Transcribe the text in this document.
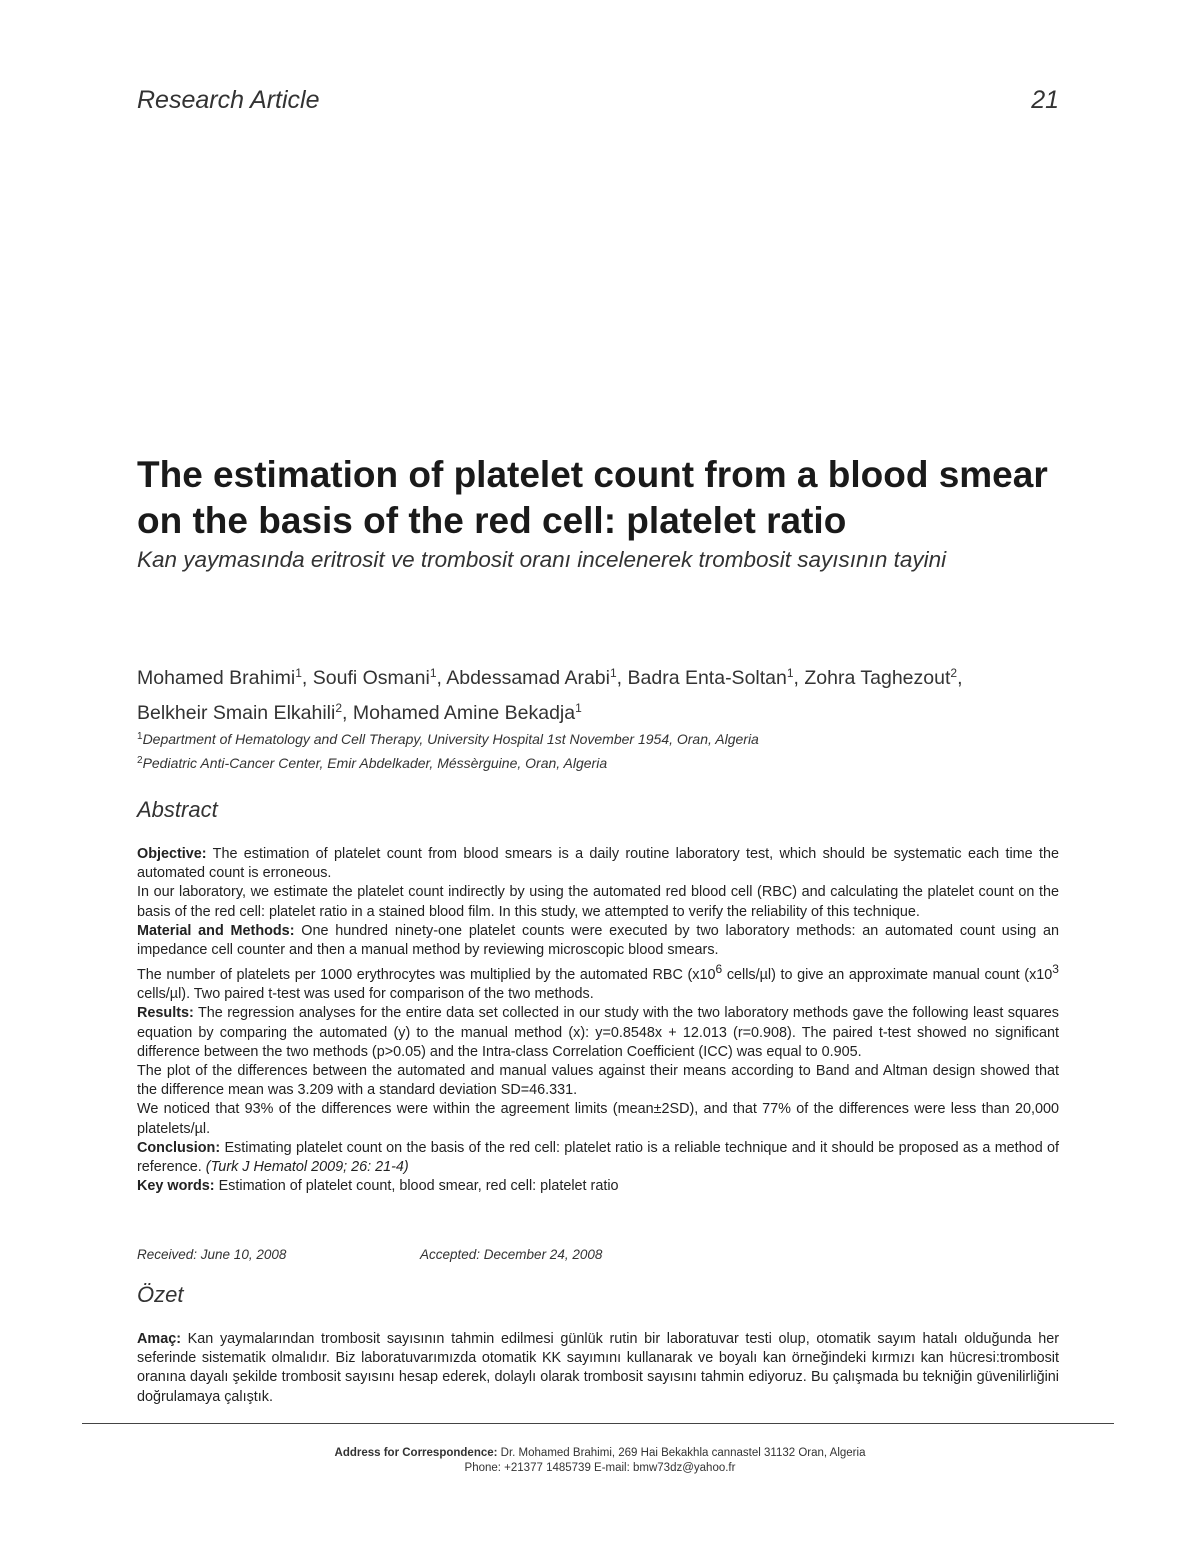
Research Article	21
The estimation of platelet count from a blood smear on the basis of the red cell: platelet ratio

Kan yaymasında eritrosit ve trombosit oranı incelenerek trombosit sayısının tayini

Mohamed Brahimi$^1$, Soufi Osmani$^1$, Abdessamad Arabi$^1$, Badra Enta-Soltan$^1$, Zohra Taghezout$^2$,
Belkheir Smain Elkahili$^2$, Mohamed Amine Bekadja$^1$

$^1$Department of Hematology and Cell Therapy, University Hospital 1st November 1954, Oran, Algeria
$^2$Pediatric Anti-Cancer Center, Emir Abdelkader, Méssèrguine, Oran, Algeria
Abstract

Objective: The estimation of platelet count from blood smears is a daily routine laboratory test, which should be systematic each time the automated count is erroneous.

In our laboratory, we estimate the platelet count indirectly by using the automated red blood cell (RBC) and calculating the platelet count on the basis of the red cell: platelet ratio in a stained blood film. In this study, we attempted to verify the reliability of this technique.

Material and Methods: One hundred ninety-one platelet counts were executed by two laboratory methods: an automated count using an impedance cell counter and then a manual method by reviewing microscopic blood smears.

The number of platelets per 1000 erythrocytes was multiplied by the automated RBC ($x10^6$ cells/µl) to give an approximate manual count ($x10^3$ cells/µl). Two paired t-test was used for comparison of the two methods.

Results: The regression analyses for the entire data set collected in our study with the two laboratory methods gave the following least squares equation by comparing the automated (y) to the manual method (x): y=0.8548x + 12.013 (r=0.908). The paired t-test showed no significant difference between the two methods (p>0.05) and the Intra-class Correlation Coefficient (ICC) was equal to 0.905.

The plot of the differences between the automated and manual values against their means according to Band and Altman design showed that the difference mean was 3.209 with a standard deviation SD=46.331.

We noticed that 93% of the differences were within the agreement limits (mean±2SD), and that 77% of the differences were less than 20,000 platelets/µl.

Conclusion: Estimating platelet count on the basis of the red cell: platelet ratio is a reliable technique and it should be proposed as a method of reference. (Turk J Hematol 2009; 26: 21-4)

Key words: Estimation of platelet count, blood smear, red cell: platelet ratio

Received: June 10, 2008	Accepted: December 24, 2008
Özet

Amaç: Kan yaymalarından trombosit sayısının tahmin edilmesi günlük rutin bir laboratuvar testi olup, otomatik sayım hatalı olduğunda her seferinde sistematik olmalıdır. Biz laboratuvarımızda otomatik KK sayımını kullanarak ve boyalı kan örneğindeki kırmızı kan hücresi:trombosit oranına dayalı şekilde trombosit sayısını hesap ederek, dolaylı olarak trombosit sayısını tahmin ediyoruz. Bu çalışmada bu tekniğin güvenilirliğini doğrulamaya çalıştık.

Address for Correspondence: Dr. Mohamed Brahimi, 269 Hai Bekakhla cannastel 31132 Oran, Algeria
Phone: +21377 1485739 E-mail: bmw73dz@yahoo.fr
